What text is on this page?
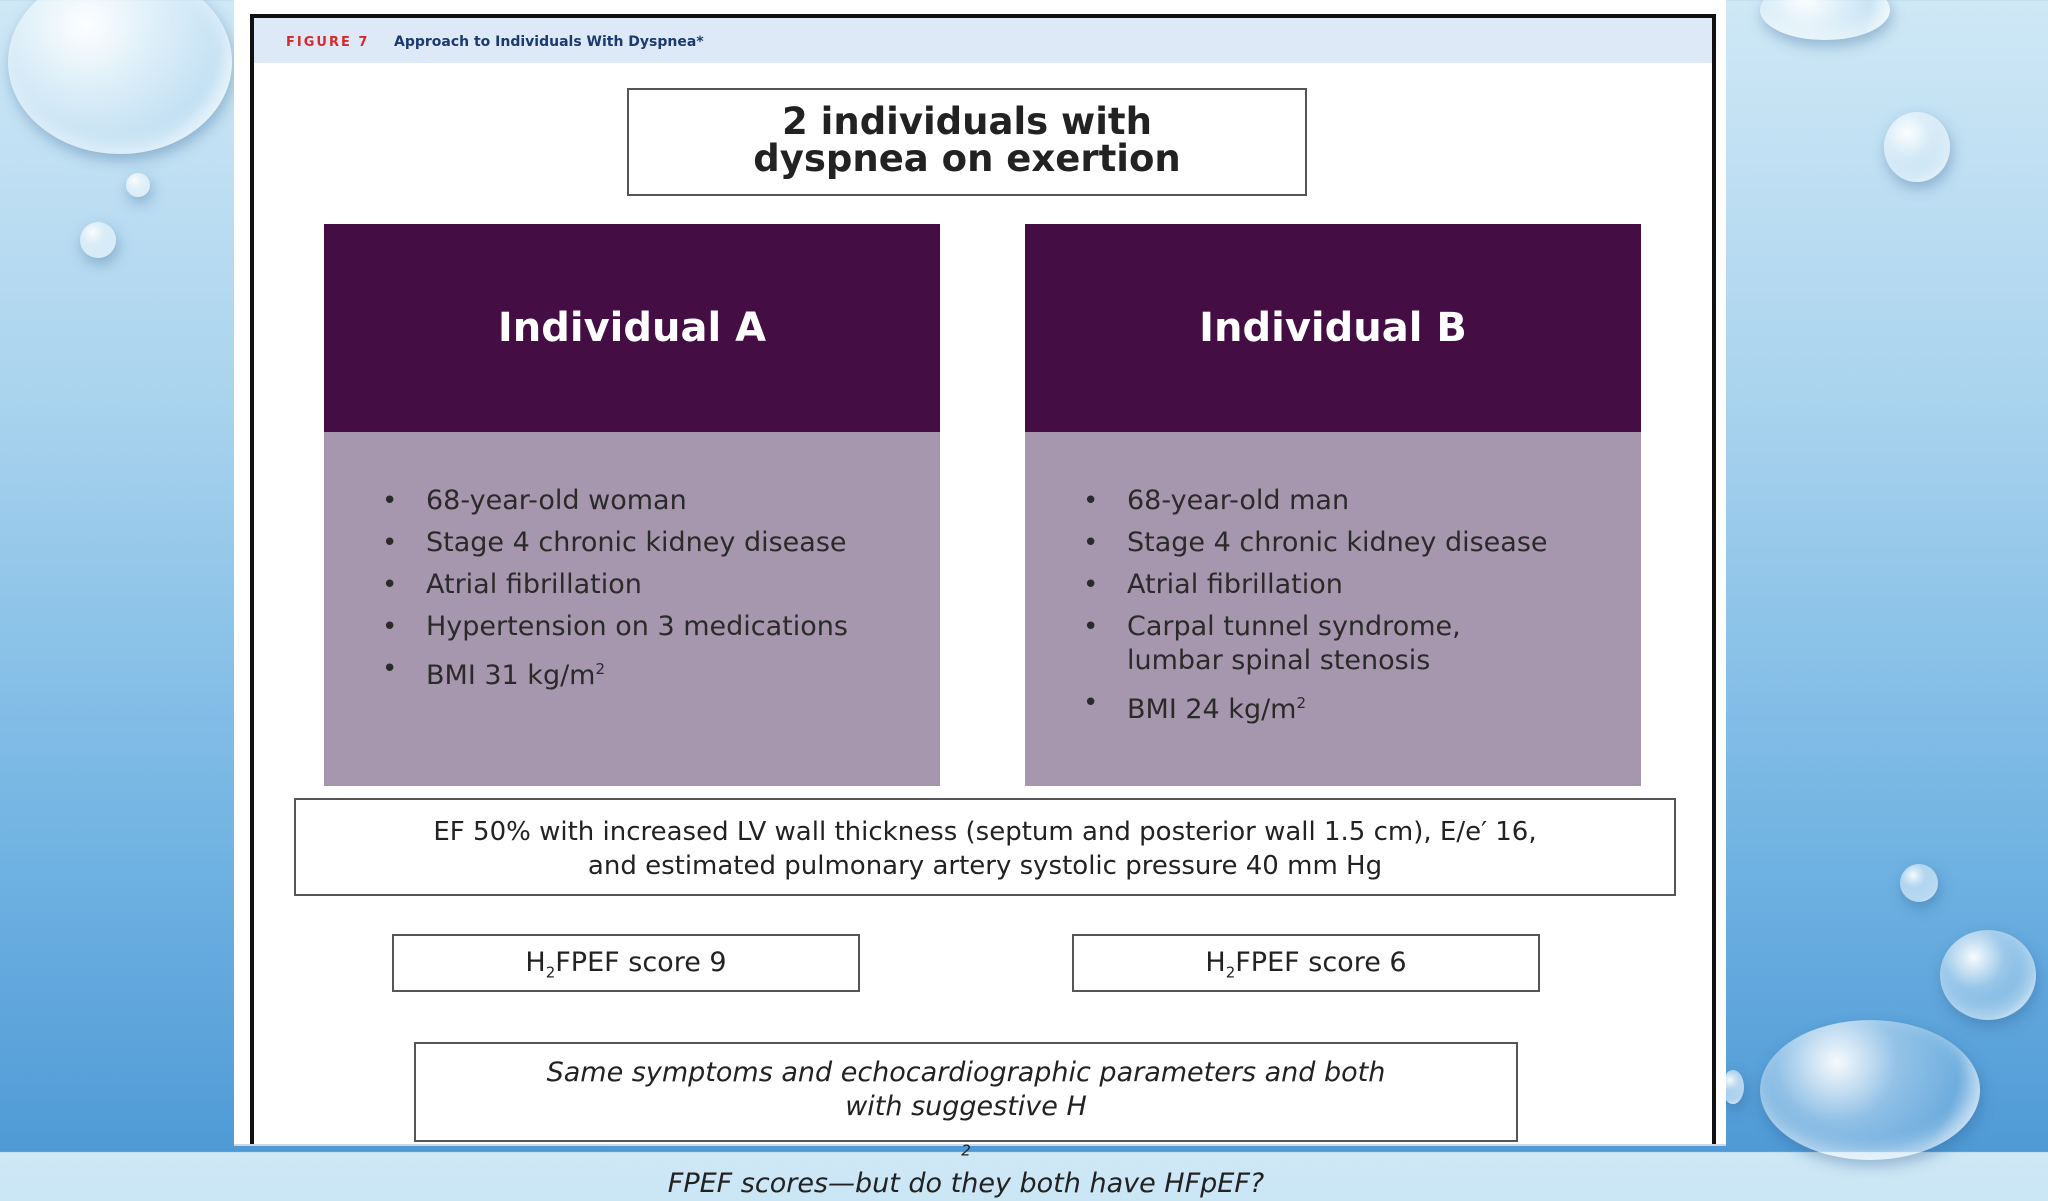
FIGURE 7 Approach to Individuals With Dyspnea*
2 individuals with
dyspnea on exertion
Individual A
• 68-year-old woman
• Stage 4 chronic kidney disease
• Atrial fibrillation
• Hypertension on 3 medications
• BMI 31 $kg/m^2$
Individual B
• 68-year-old man
• Stage 4 chronic kidney disease
• Atrial fibrillation
• Carpal tunnel syndrome,
lumbar spinal stenosis
• BMI 24 $kg/m^2$
EF 50% with increased LV wall thickness (septum and posterior wall 1.5 cm), E/e′ 16,
and estimated pulmonary artery systolic pressure 40 mm Hg
$H_2FPEF$ score 9	$H_2FPEF$ score 6
Same symptoms and echocardiographic parameters and both
with suggestive H
$_2$
FPEF scores—but do they both have HFpEF?
